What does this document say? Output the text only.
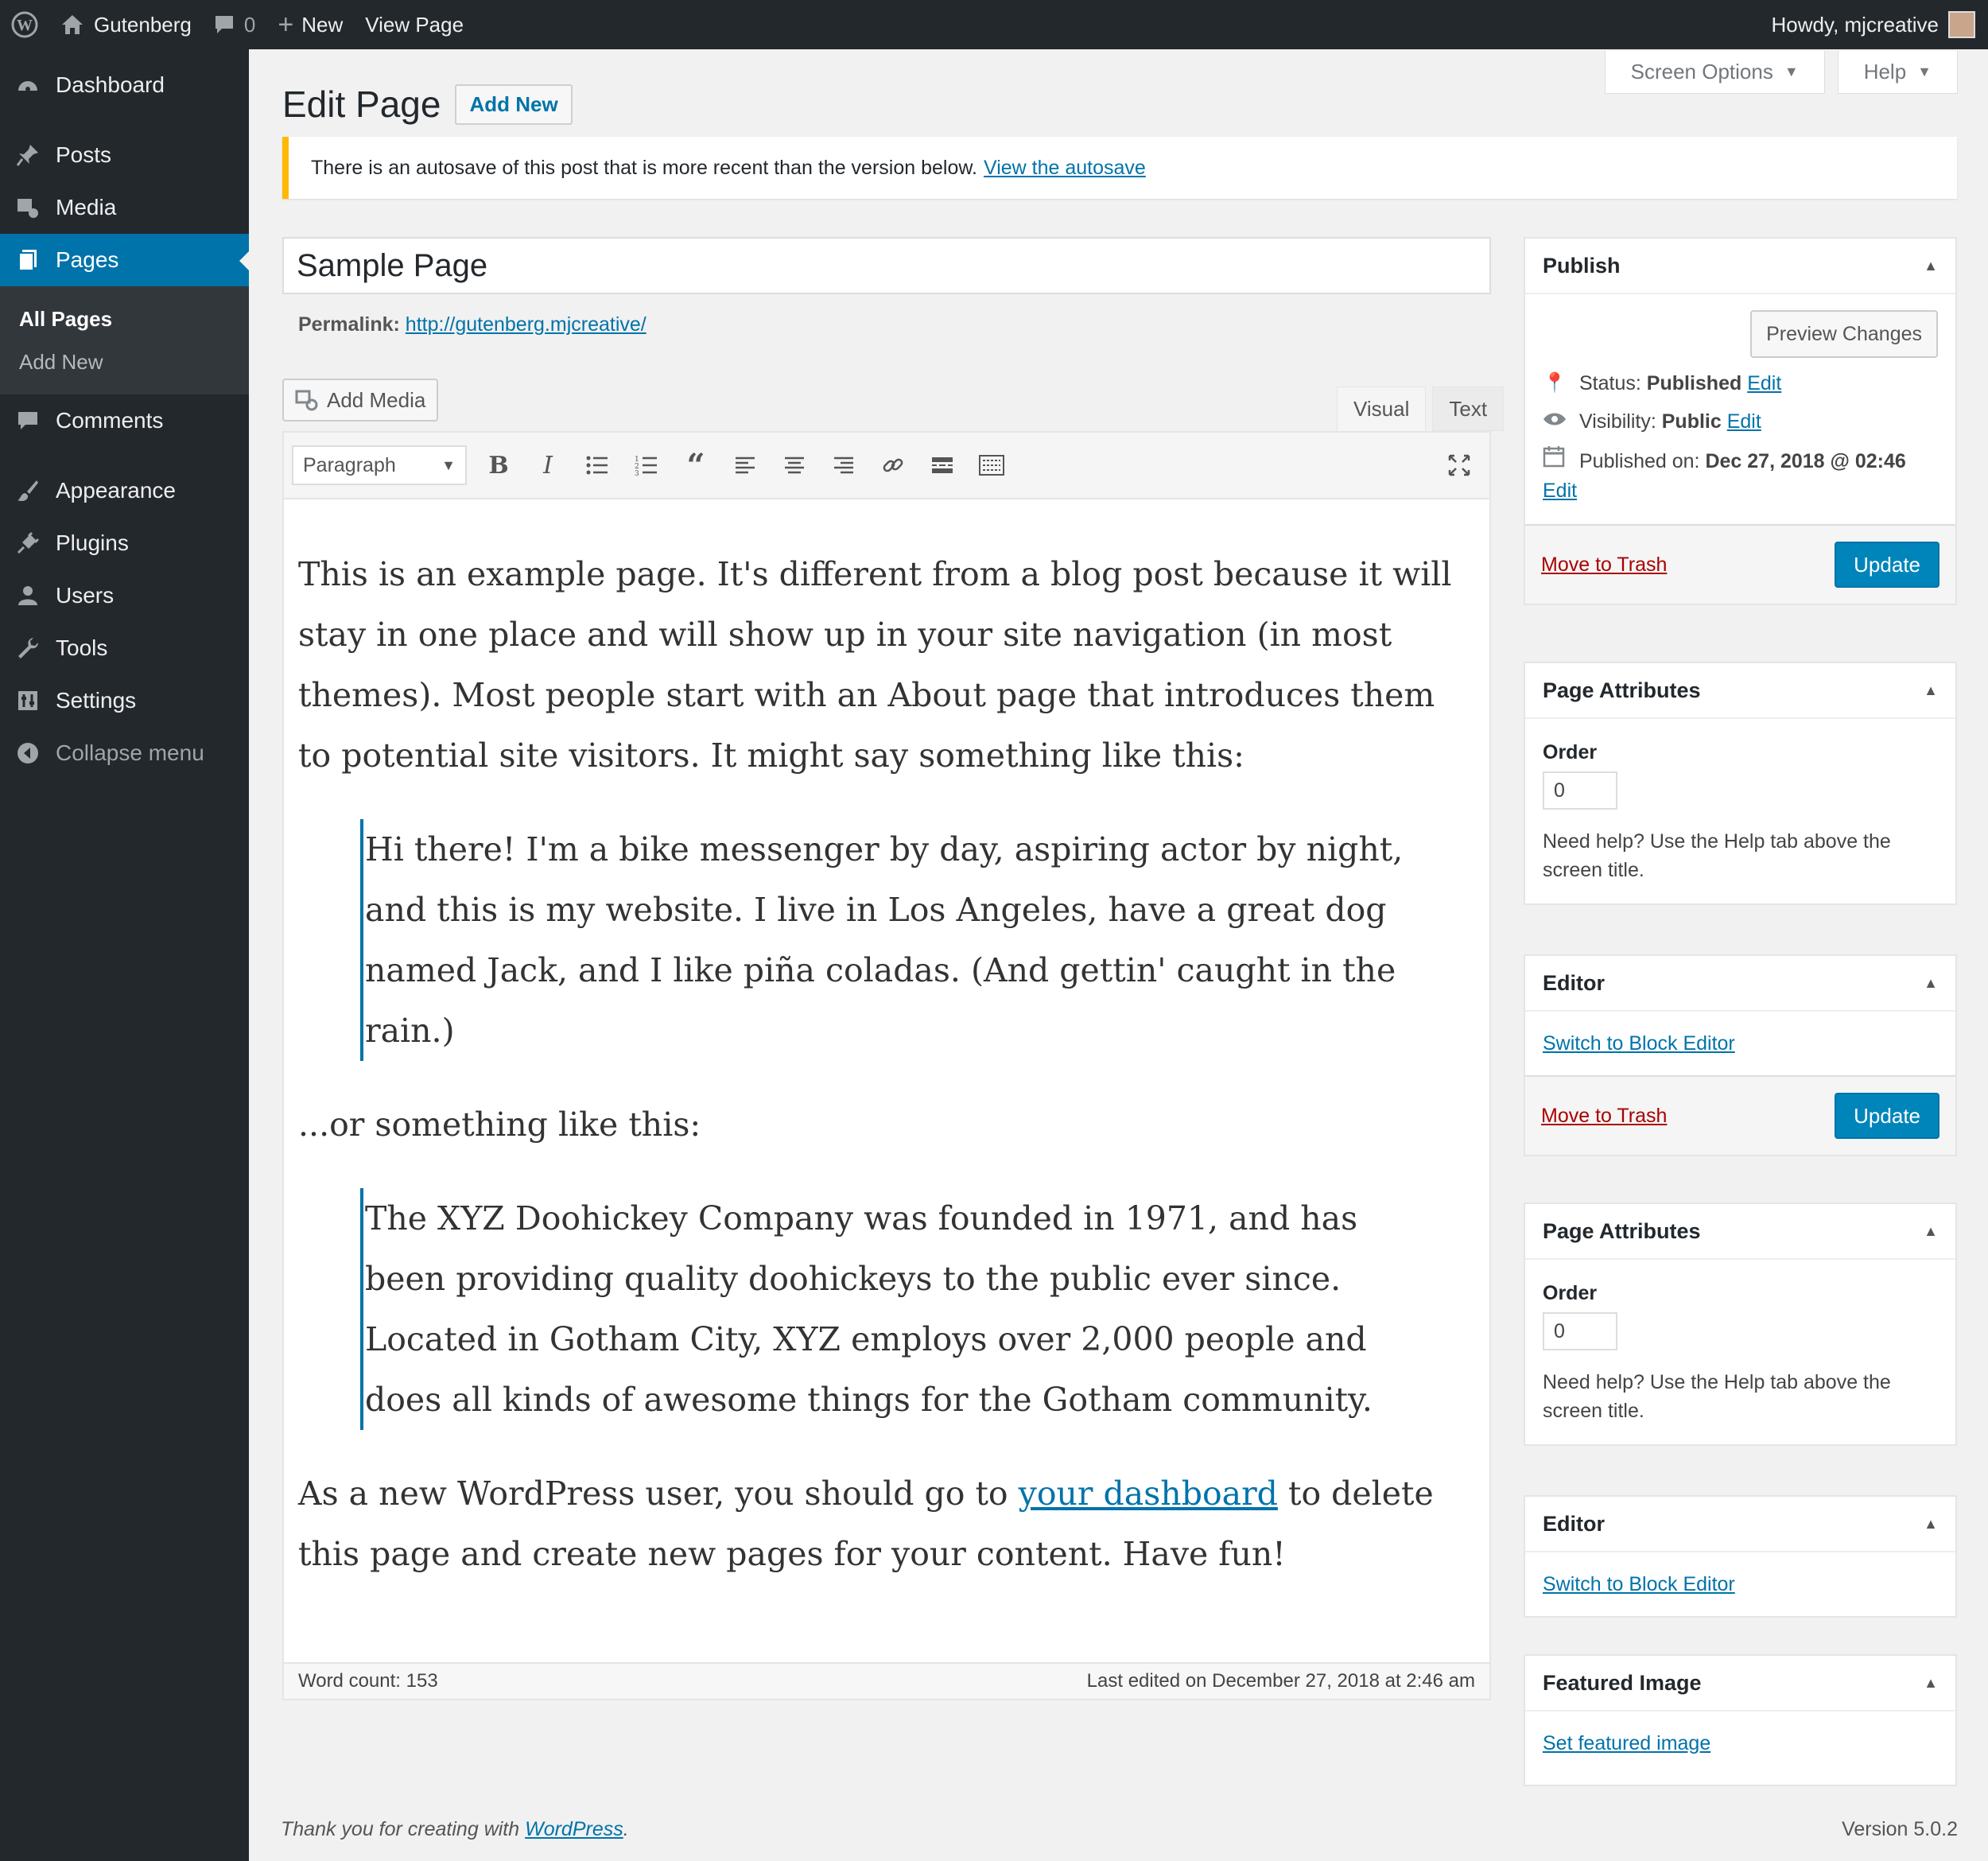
W	Gutenberg	0 + New	View Page	Howdy, mjcreative
Dashboard
Posts
Media
Pages
All Pages
Add New
Comments
Appearance
Plugins
Users
Tools
Settings
Collapse menu
Screen Options ▼	Help ▼
Edit Page	Add New
There is an autosave of this post that is more recent than the version below. View the autosave
Sample Page
Permalink: http://gutenberg.mjcreative/
Add Media	Visual	Text
Paragraph	▼	B	I	1
2
3	“

This is an example page. It's different from a blog post because it will stay in one place and will show up in your site navigation (in most themes). Most people start with an About page that introduces them to potential site visitors. It might say something like this:

Hi there! I'm a bike messenger by day, aspiring actor by night, and this is my website. I live in Los Angeles, have a great dog named Jack, and I like piña coladas. (And gettin' caught in the rain.)

...or something like this:

The XYZ Doohickey Company was founded in 1971, and has been providing quality doohickeys to the public ever since. Located in Gotham City, XYZ employs over 2,000 people and does all kinds of awesome things for the Gotham community.

As a new WordPress user, you should go to your dashboard to delete this page and create new pages for your content. Have fun!

Word count: 153	Last edited on December 27, 2018 at 2:46 am
Publish	▲
Preview Changes
📍 Status:
Published
Edit
Visibility:
Public
Edit
Published on:
Dec 27, 2018 @ 02:46
Edit
Move to Trash	Update
Page Attributes	▲
Order
0
Need help? Use the Help tab above the screen title.
Editor	▲
Switch to Block Editor
Move to Trash	Update
Page Attributes	▲
Order
0
Need help? Use the Help tab above the screen title.
Editor	▲
Switch to Block Editor
Featured Image	▲
Set featured image
Thank you for creating with WordPress.	Version 5.0.2
